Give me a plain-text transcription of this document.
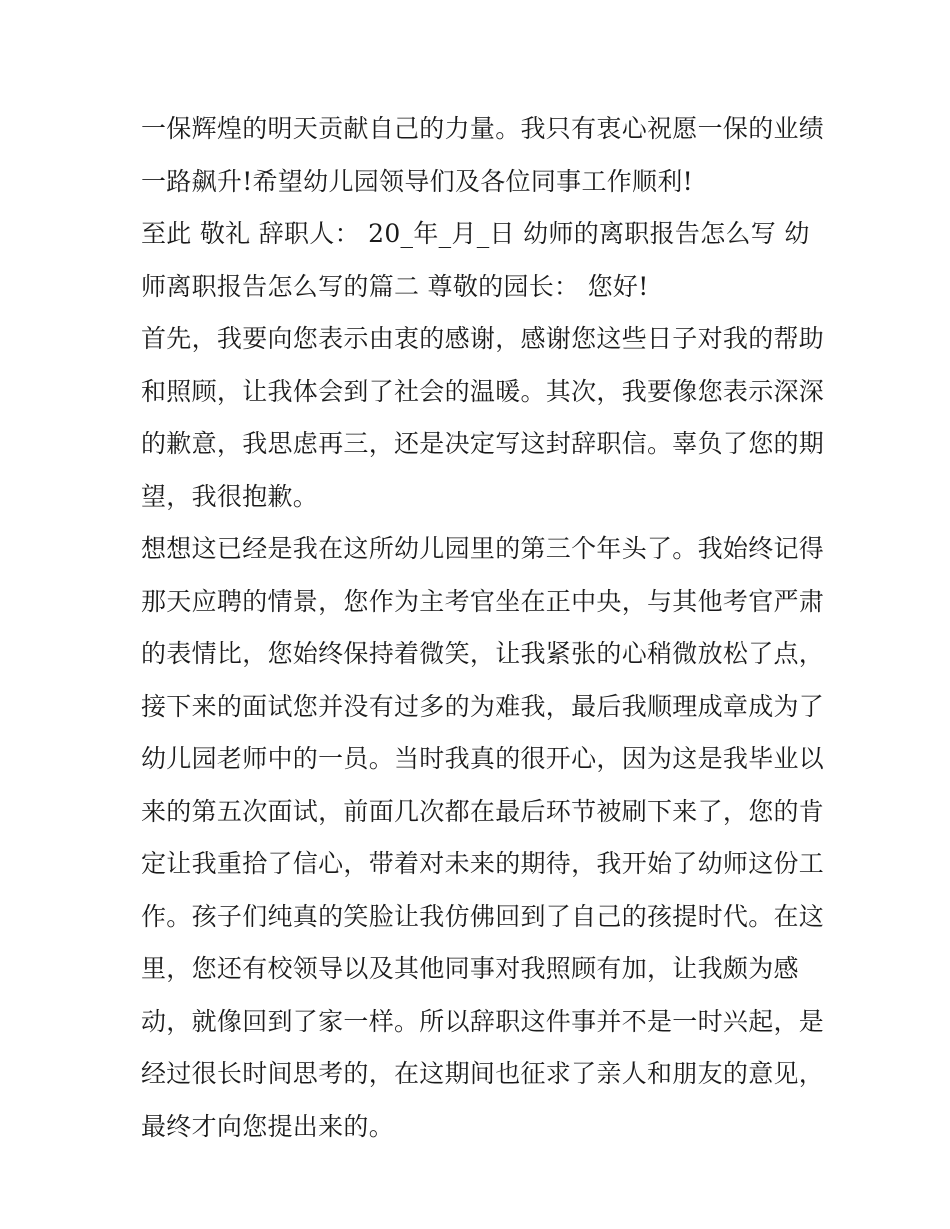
一保辉煌的明天贡献自己的力量。我只有衷心祝愿一保的业绩
一路飙升!希望幼儿园领导们及各位同事工作顺利!
至此 敬礼 辞职人： 20_年_月_日 幼师的离职报告怎么写 幼
师离职报告怎么写的篇二 尊敬的园长： 您好!
首先，我要向您表示由衷的感谢，感谢您这些日子对我的帮助
和照顾，让我体会到了社会的温暖。其次，我要像您表示深深
的歉意，我思虑再三，还是决定写这封辞职信。辜负了您的期
望，我很抱歉。
想想这已经是我在这所幼儿园里的第三个年头了。我始终记得
那天应聘的情景，您作为主考官坐在正中央，与其他考官严肃
的表情比，您始终保持着微笑，让我紧张的心稍微放松了点，
接下来的面试您并没有过多的为难我，最后我顺理成章成为了
幼儿园老师中的一员。当时我真的很开心，因为这是我毕业以
来的第五次面试，前面几次都在最后环节被刷下来了，您的肯
定让我重拾了信心，带着对未来的期待，我开始了幼师这份工
作。孩子们纯真的笑脸让我仿佛回到了自己的孩提时代。在这
里，您还有校领导以及其他同事对我照顾有加，让我颇为感
动，就像回到了家一样。所以辞职这件事并不是一时兴起，是
经过很长时间思考的，在这期间也征求了亲人和朋友的意见，
最终才向您提出来的。
